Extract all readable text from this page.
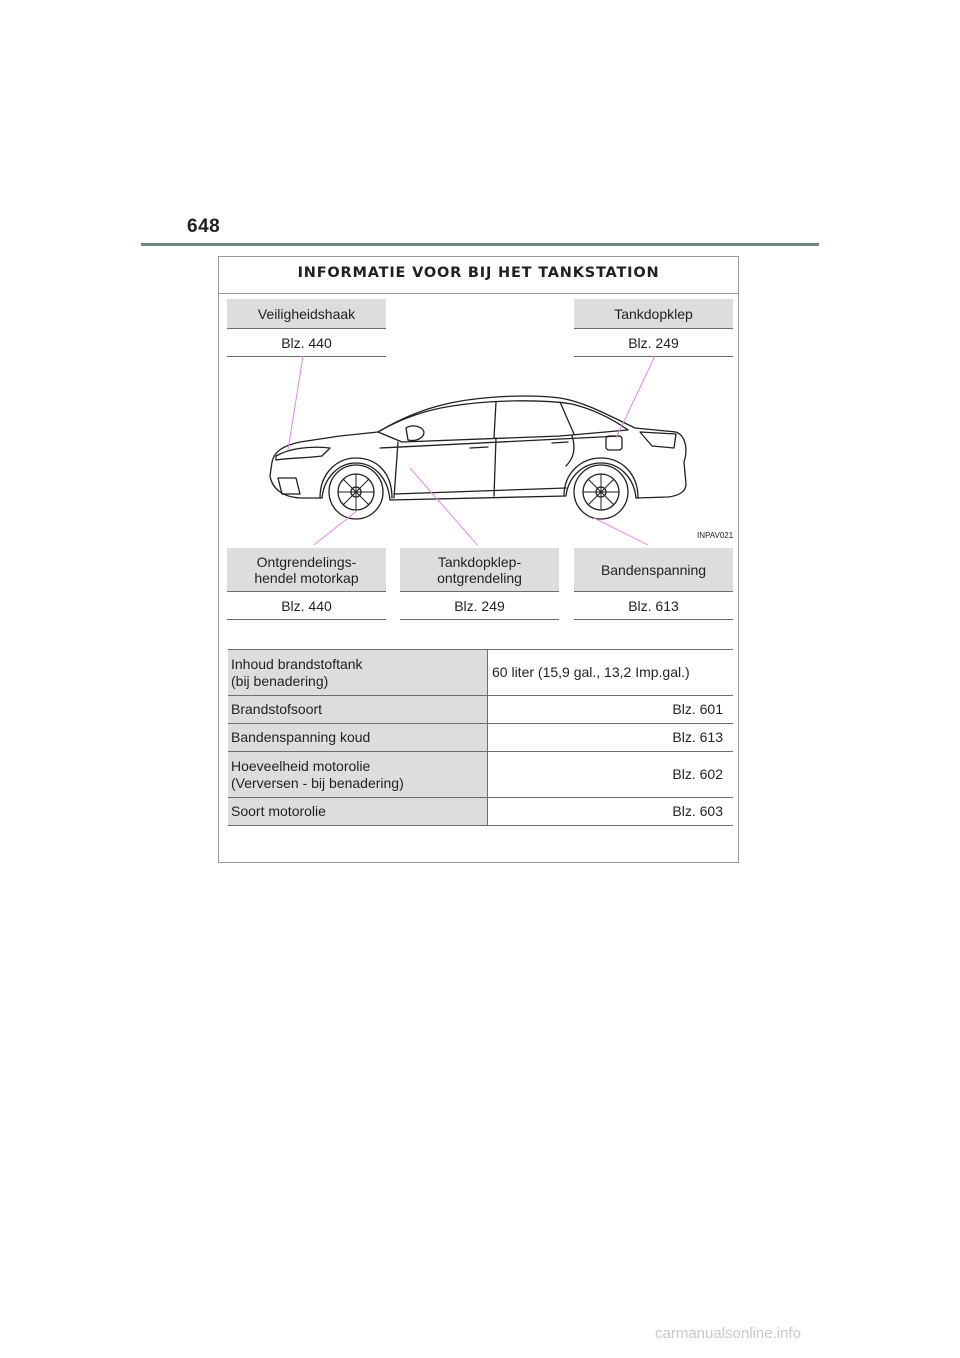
648
INFORMATIE VOOR BIJ HET TANKSTATION
Veiligheidshaak
Blz. 440
Tankdopklep
Blz. 249
INPAV021
Ontgrendelings-
hendel motorkap
Blz. 440
Tankdopklep-
ontgrendeling
Blz. 249
Bandenspanning
Blz. 613
Inhoud brandstoftank
(bij benadering)	60 liter (15,9 gal., 13,2 Imp.gal.)
Brandstofsoort	Blz. 601
Bandenspanning koud	Blz. 613
Hoeveelheid motorolie
(Verversen - bij benadering)	Blz. 602
Soort motorolie	Blz. 603
carmanualsonline.info
